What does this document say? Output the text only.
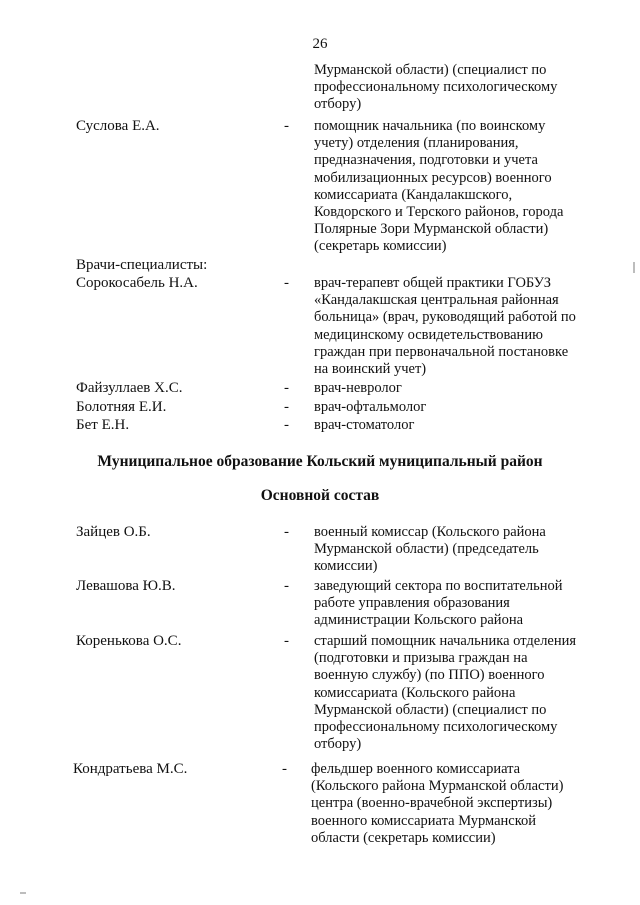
26
Мурманской области) (специалист по
профессиональному психологическому
отбору)
Суслова Е.А.	- помощник начальника (по воинскому
учету) отделения (планирования,
предназначения, подготовки и учета
мобилизационных ресурсов) военного
комиссариата (Кандалакшского,
Ковдорского и Терского районов, города
Полярные Зори Мурманской области)
(секретарь комиссии)
Врачи-специалисты:
Сорокосабель Н.А.	- врач-терапевт общей практики ГОБУЗ
«Кандалакшская центральная районная
больница» (врач, руководящий работой по
медицинскому освидетельствованию
граждан при первоначальной постановке
на воинский учет)
Файзуллаев Х.С.	- врач-невролог
Болотняя Е.И.	- врач-офтальмолог
Бет Е.Н.	- врач-стоматолог
Муниципальное образование Кольский муниципальный район
Основной состав
Зайцев О.Б.	- военный комиссар (Кольского района
Мурманской области) (председатель
комиссии)
Левашова Ю.В.	- заведующий сектора по воспитательной
работе управления образования
администрации Кольского района
Коренькова О.С.	- старший помощник начальника отделения
(подготовки и призыва граждан на
военную службу) (по ППО) военного
комиссариата (Кольского района
Мурманской области) (специалист по
профессиональному психологическому
отбору)
Кондратьева М.С.	- фельдшер военного комиссариата
(Кольского района Мурманской области)
центра (военно-врачебной экспертизы)
военного комиссариата Мурманской
области (секретарь комиссии)
